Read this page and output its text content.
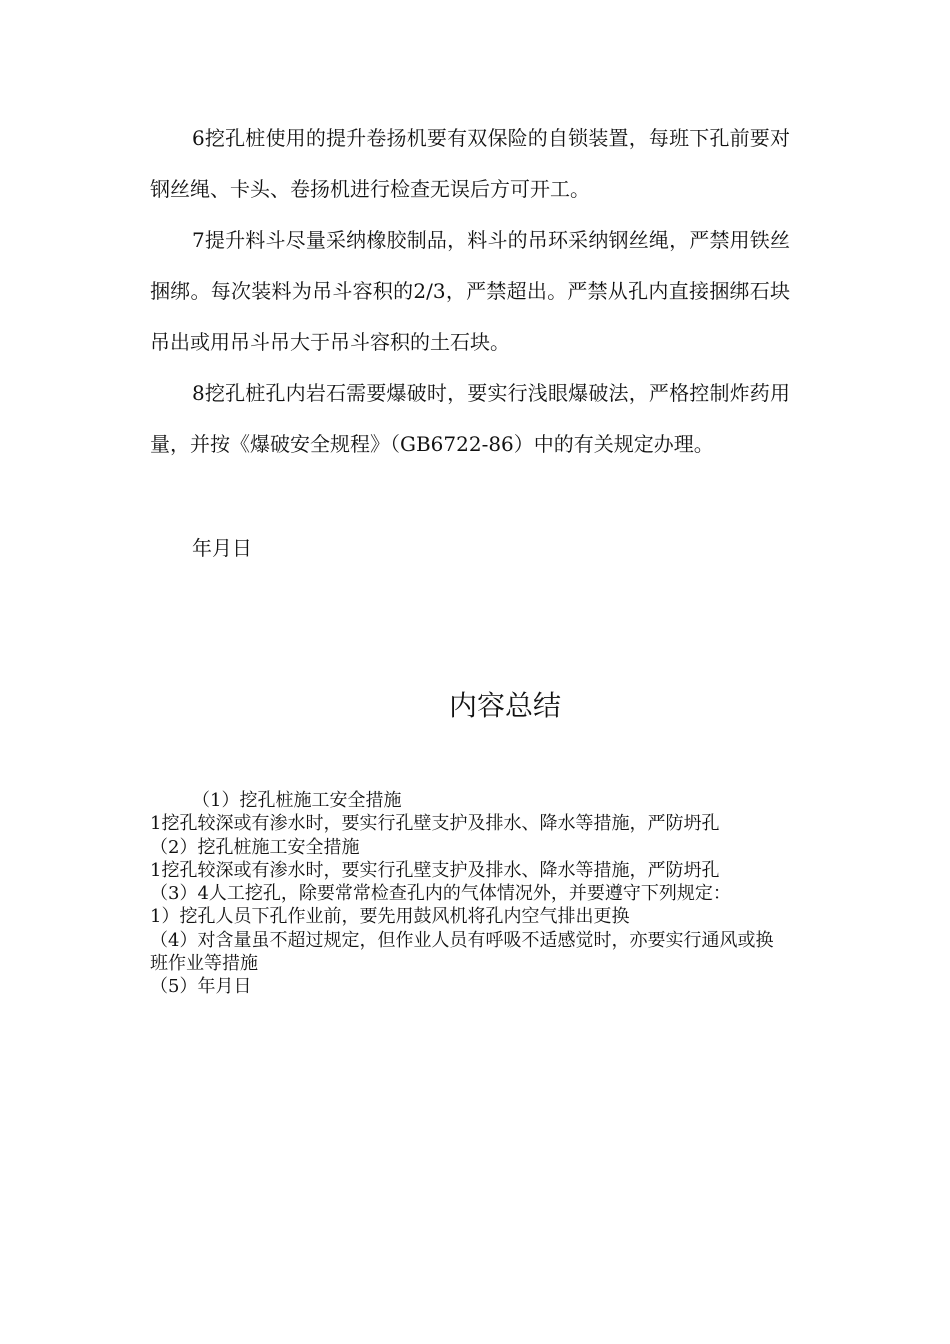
6挖孔桩使用的提升卷扬机要有双保险的自锁装置，每班下孔前要对钢丝绳、卡头、卷扬机进行检查无误后方可开工。

7提升料斗尽量采纳橡胶制品，料斗的吊环采纳钢丝绳，严禁用铁丝捆绑。每次装料为吊斗容积的2/3，严禁超出。严禁从孔内直接捆绑石块吊出或用吊斗吊大于吊斗容积的土石块。

8挖孔桩孔内岩石需要爆破时，要实行浅眼爆破法，严格控制炸药用量，并按《爆破安全规程》（GB6722-86）中的有关规定办理。

年月日

内容总结
（1）挖孔桩施工安全措施
1挖孔较深或有渗水时，要实行孔壁支护及排水、降水等措施，严防坍孔
（2）挖孔桩施工安全措施
1挖孔较深或有渗水时，要实行孔壁支护及排水、降水等措施，严防坍孔
（3）4人工挖孔，除要常常检查孔内的气体情况外，并要遵守下列规定：
1）挖孔人员下孔作业前，要先用鼓风机将孔内空气排出更换
（4）对含量虽不超过规定，但作业人员有呼吸不适感觉时，亦要实行通风或换班作业等措施
（5）年月日
